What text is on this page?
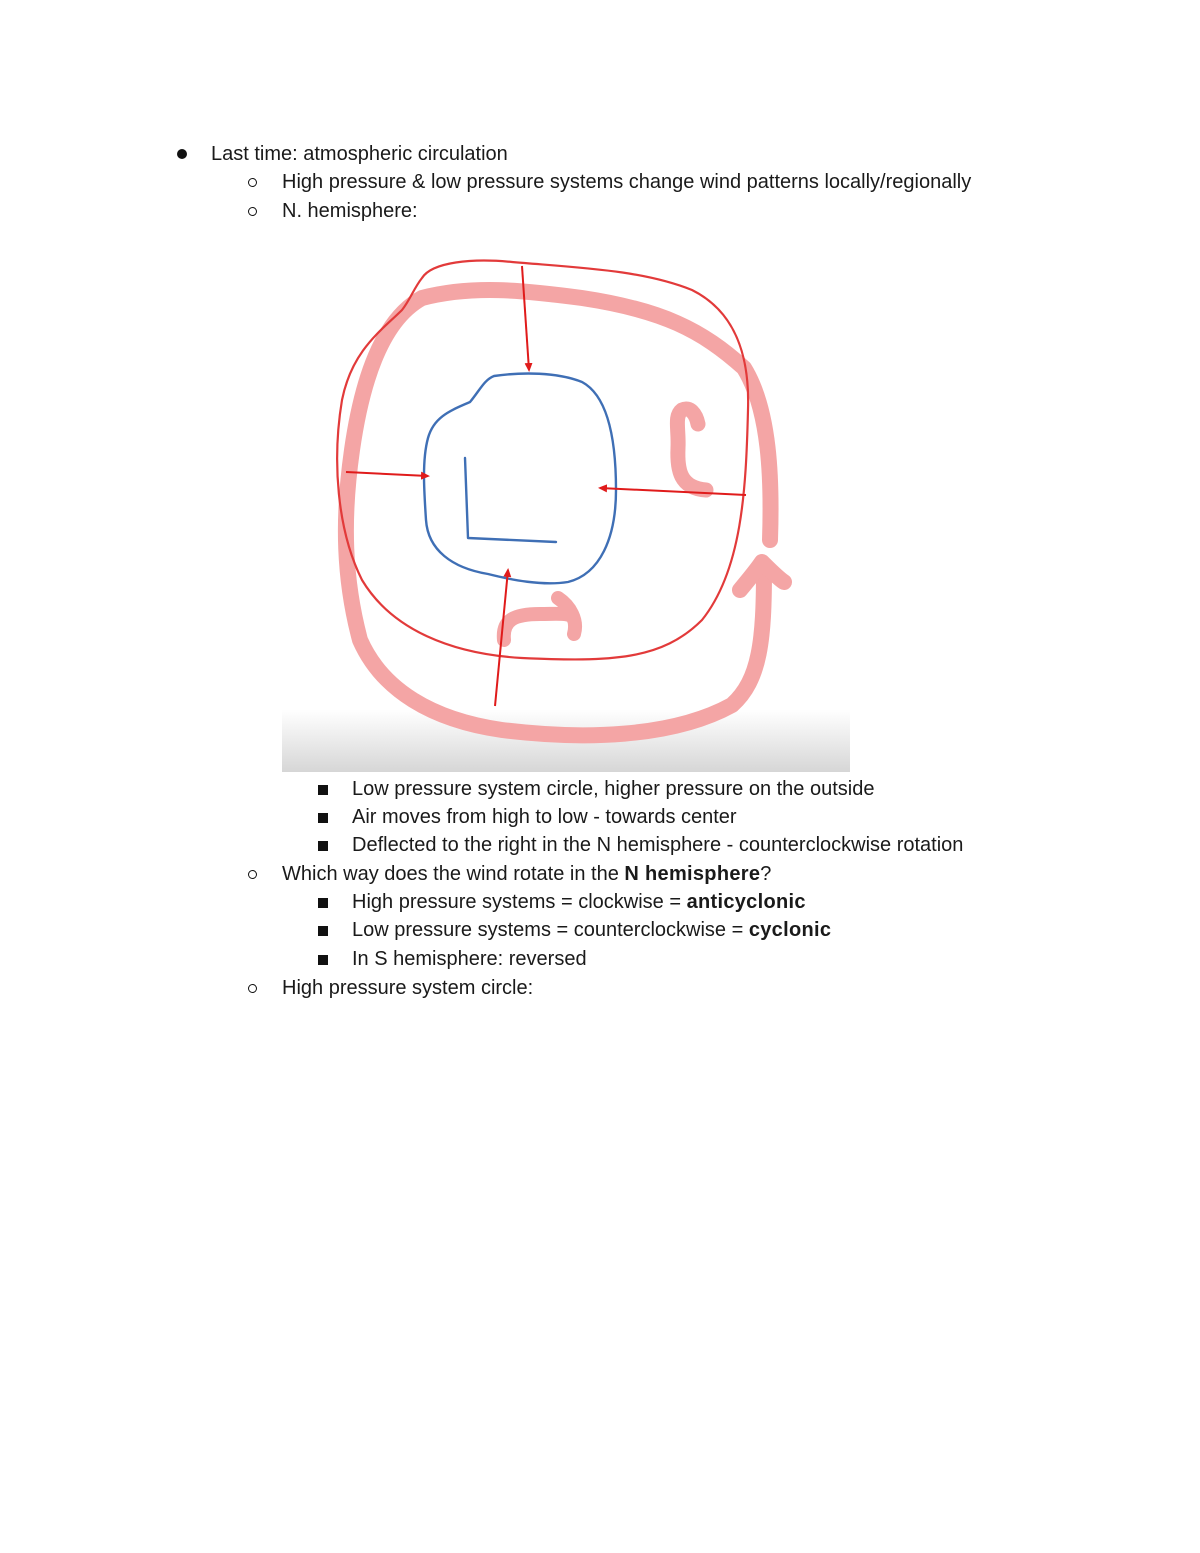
Last time: atmospheric circulation
High pressure & low pressure systems change wind patterns locally/regionally
N. hemisphere:
Low pressure system circle, higher pressure on the outside
Air moves from high to low - towards center
Deflected to the right in the N hemisphere - counterclockwise rotation
Which way does the wind rotate in the N hemisphere?
High pressure systems = clockwise = anticyclonic
Low pressure systems = counterclockwise = cyclonic
In S hemisphere: reversed
High pressure system circle:
